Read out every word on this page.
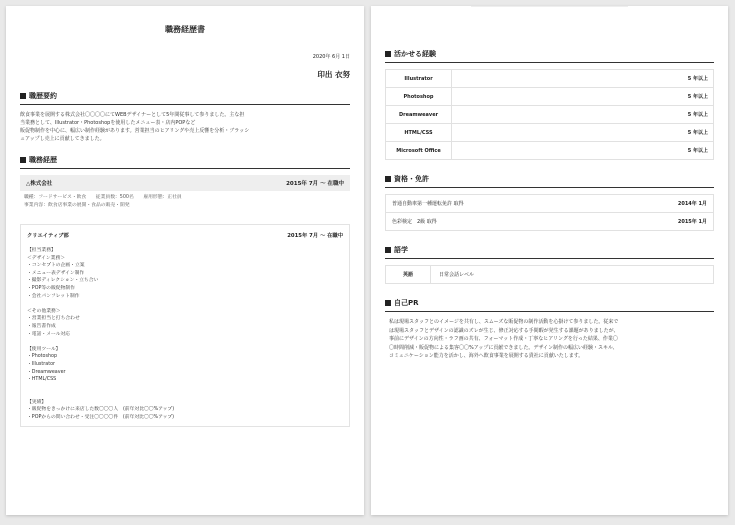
職務経歴書
2020年 6月 1日
印出 衣努
職歴要約

飲食事業を展開する株式会社〇〇〇〇にてWEBデザイナーとして5年間従事して参りました。主な担

当業務として、Illustrator・Photoshopを使用したメニュー表・店内POPなど

販促物制作を中心に、幅広い制作経験があります。営業担当のヒアリングや売上反響を分析・ブラッシ

ュアップし売上に貢献してきました。

職務経歴
△株式会社	2015年 7月 ～ 在職中
職種：フードサービス・飲食　　従業員数：500名　　雇用形態：正社員
事業内容：飲食店事業の展開・食品の販売・開発
クリエイティブ部	2015年 7月 ～ 在職中
【担当業務】
＜デザイン業務＞
・コンセプトの企画・立案
・メニュー表デザイン制作
・撮影ディレクション・立ち合い
・POP等の販促物制作
・会社パンフレット制作
＜その他業務＞
・営業担当と打ち合わせ
・報告書作成
・電話・メール対応
【使用ツール】
・Photoshop
・Illustrator
・Dreamweaver
・HTML/CSS
【実績】
・販促物をきっかけに来店した数〇〇〇人　(前年対比〇〇%アップ)
・POPからの問い合わせ・受注〇〇〇〇件　(前年対比〇〇%アップ)
活かせる経験
Illustrator	5 年以上
Photoshop	5 年以上
Dreamweaver	5 年以上
HTML/CSS	5 年以上
Microsoft Office	5 年以上
資格・免許
普通自動車第一種運転免許 取得	2014年 1月
色彩検定　2級 取得	2015年 1月
語学
英語	日常会話レベル
自己PR

私は現場スタッフとのイメージを共有し、スムーズな販促物の制作活動を心掛けて参りました。従来で

は現場スタッフとデザインの認識のズレが生じ、修正対応する手間暇が発生する課題がありましたが、

事前にデザインの方向性・ラフ画の共有、フォーマット作成・丁寧なヒアリングを行った結果、作業〇

〇時間削減・販促物による集客〇〇%アップに貢献できました。デザイン制作の幅広い経験・スキル、

コミュニケーション能力を活かし、海外へ飲食事業を展開する貴社に貢献いたします。
